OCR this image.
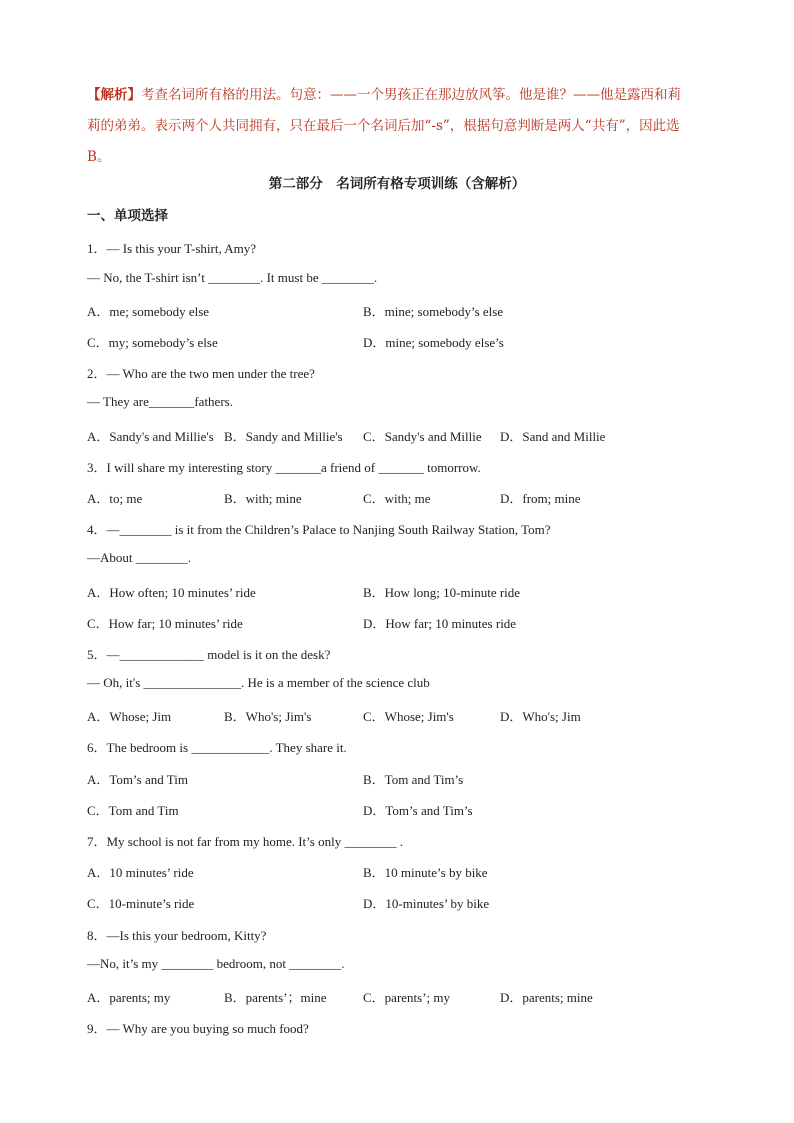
【解析】考查名词所有格的用法。句意：——一个男孩正在那边放风筝。他是谁？——他是露西和莉
莉的弟弟。表示两个人共同拥有，只在最后一个名词后加“-s”，根据句意判断是两人“共有”，因此选
B。
第二部分　名词所有格专项训练（含解析）
一、单项选择
1．— Is this your T-shirt, Amy?
— No, the T-shirt isn’t ________. It must be ________.
A．me; somebody else	B．mine; somebody’s else
C．my; somebody’s else	D．mine; somebody else’s
2．— Who are the two men under the tree?
— They are_______fathers.
A．Sandy's and Millie's B．Sandy and Millie's C．Sandy's and Millie D．Sand and Millie
3．I will share my interesting story _______a friend of _______ tomorrow.
A．to; me	B．with; mine	C．with; me	D．from; mine
4．—________ is it from the Children’s Palace to Nanjing South Railway Station, Tom?
—About ________.
A．How often; 10 minutes’ ride	B．How long; 10-minute ride
C．How far; 10 minutes’ ride	D．How far; 10 minutes ride
5．—_____________ model is it on the desk?
— Oh, it's _______________. He is a member of the science club
A．Whose; Jim	B．Who's; Jim's	C．Whose; Jim's	D．Who's; Jim
6．The bedroom is ____________. They share it.
A．Tom’s and Tim	B．Tom and Tim’s
C．Tom and Tim	D．Tom’s and Tim’s
7．My school is not far from my home. It’s only ________ .
A．10 minutes’ ride	B．10 minute’s by bike
C．10-minute’s ride	D．10-minutes’ by bike
8．—Is this your bedroom, Kitty?
—No, it’s my ________ bedroom, not ________.
A．parents; my	B．parents’；mine	C．parents’; my	D．parents; mine
9．— Why are you buying so much food?
